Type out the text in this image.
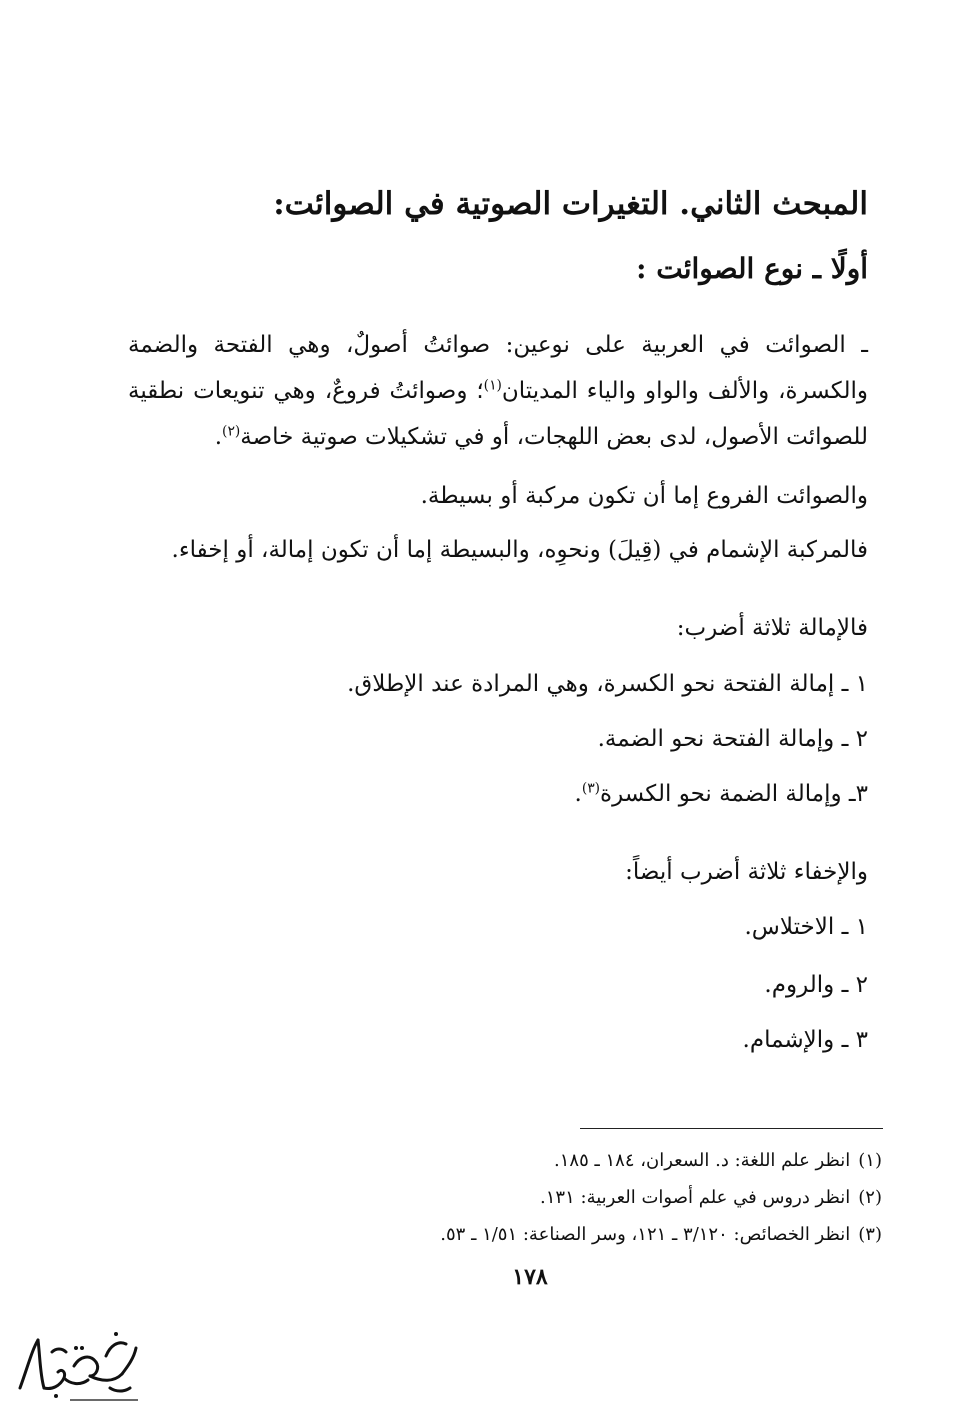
المبحث الثاني. التغيرات الصوتية في الصوائت:
أولًا ـ نوع الصوائت :
ـ الصوائت في العربية على نوعين: صوائتُ أصولٌ، وهي الفتحة والضمة والكسرة، والألف والواو والياء المديتان$^{(١)}$؛ وصوائتُ فروعٌ، وهي تنويعات نطقية للصوائت الأصول، لدى بعض اللهجات، أو في تشكيلات صوتية خاصة$^{(٢)}$.
والصوائت الفروع إما أن تكون مركبة أو بسيطة.
فالمركبة الإشمام في (قِيلَ) ونحوِه، والبسيطة إما أن تكون إمالة، أو إخفاء.
فالإمالة ثلاثة أضرب:
١ ـ إمالة الفتحة نحو الكسرة، وهي المرادة عند الإطلاق.
٢ ـ وإمالة الفتحة نحو الضمة.
٣ـ وإمالة الضمة نحو الكسرة$^{(٣)}$.
والإخفاء ثلاثة أضرب أيضاً:
١ ـ الاختلاس.
٢ ـ والروم.
٣ ـ والإشمام.
(١)انظر علم اللغة: د. السعران، ١٨٤ ـ ١٨٥.
(٢)انظر دروس في علم أصوات العربية: ١٣١.
(٣)انظر الخصائص: ٣/١٢٠ ـ ١٢١، وسر الصناعة: ١/٥١ ـ ٥٣.
١٧٨
